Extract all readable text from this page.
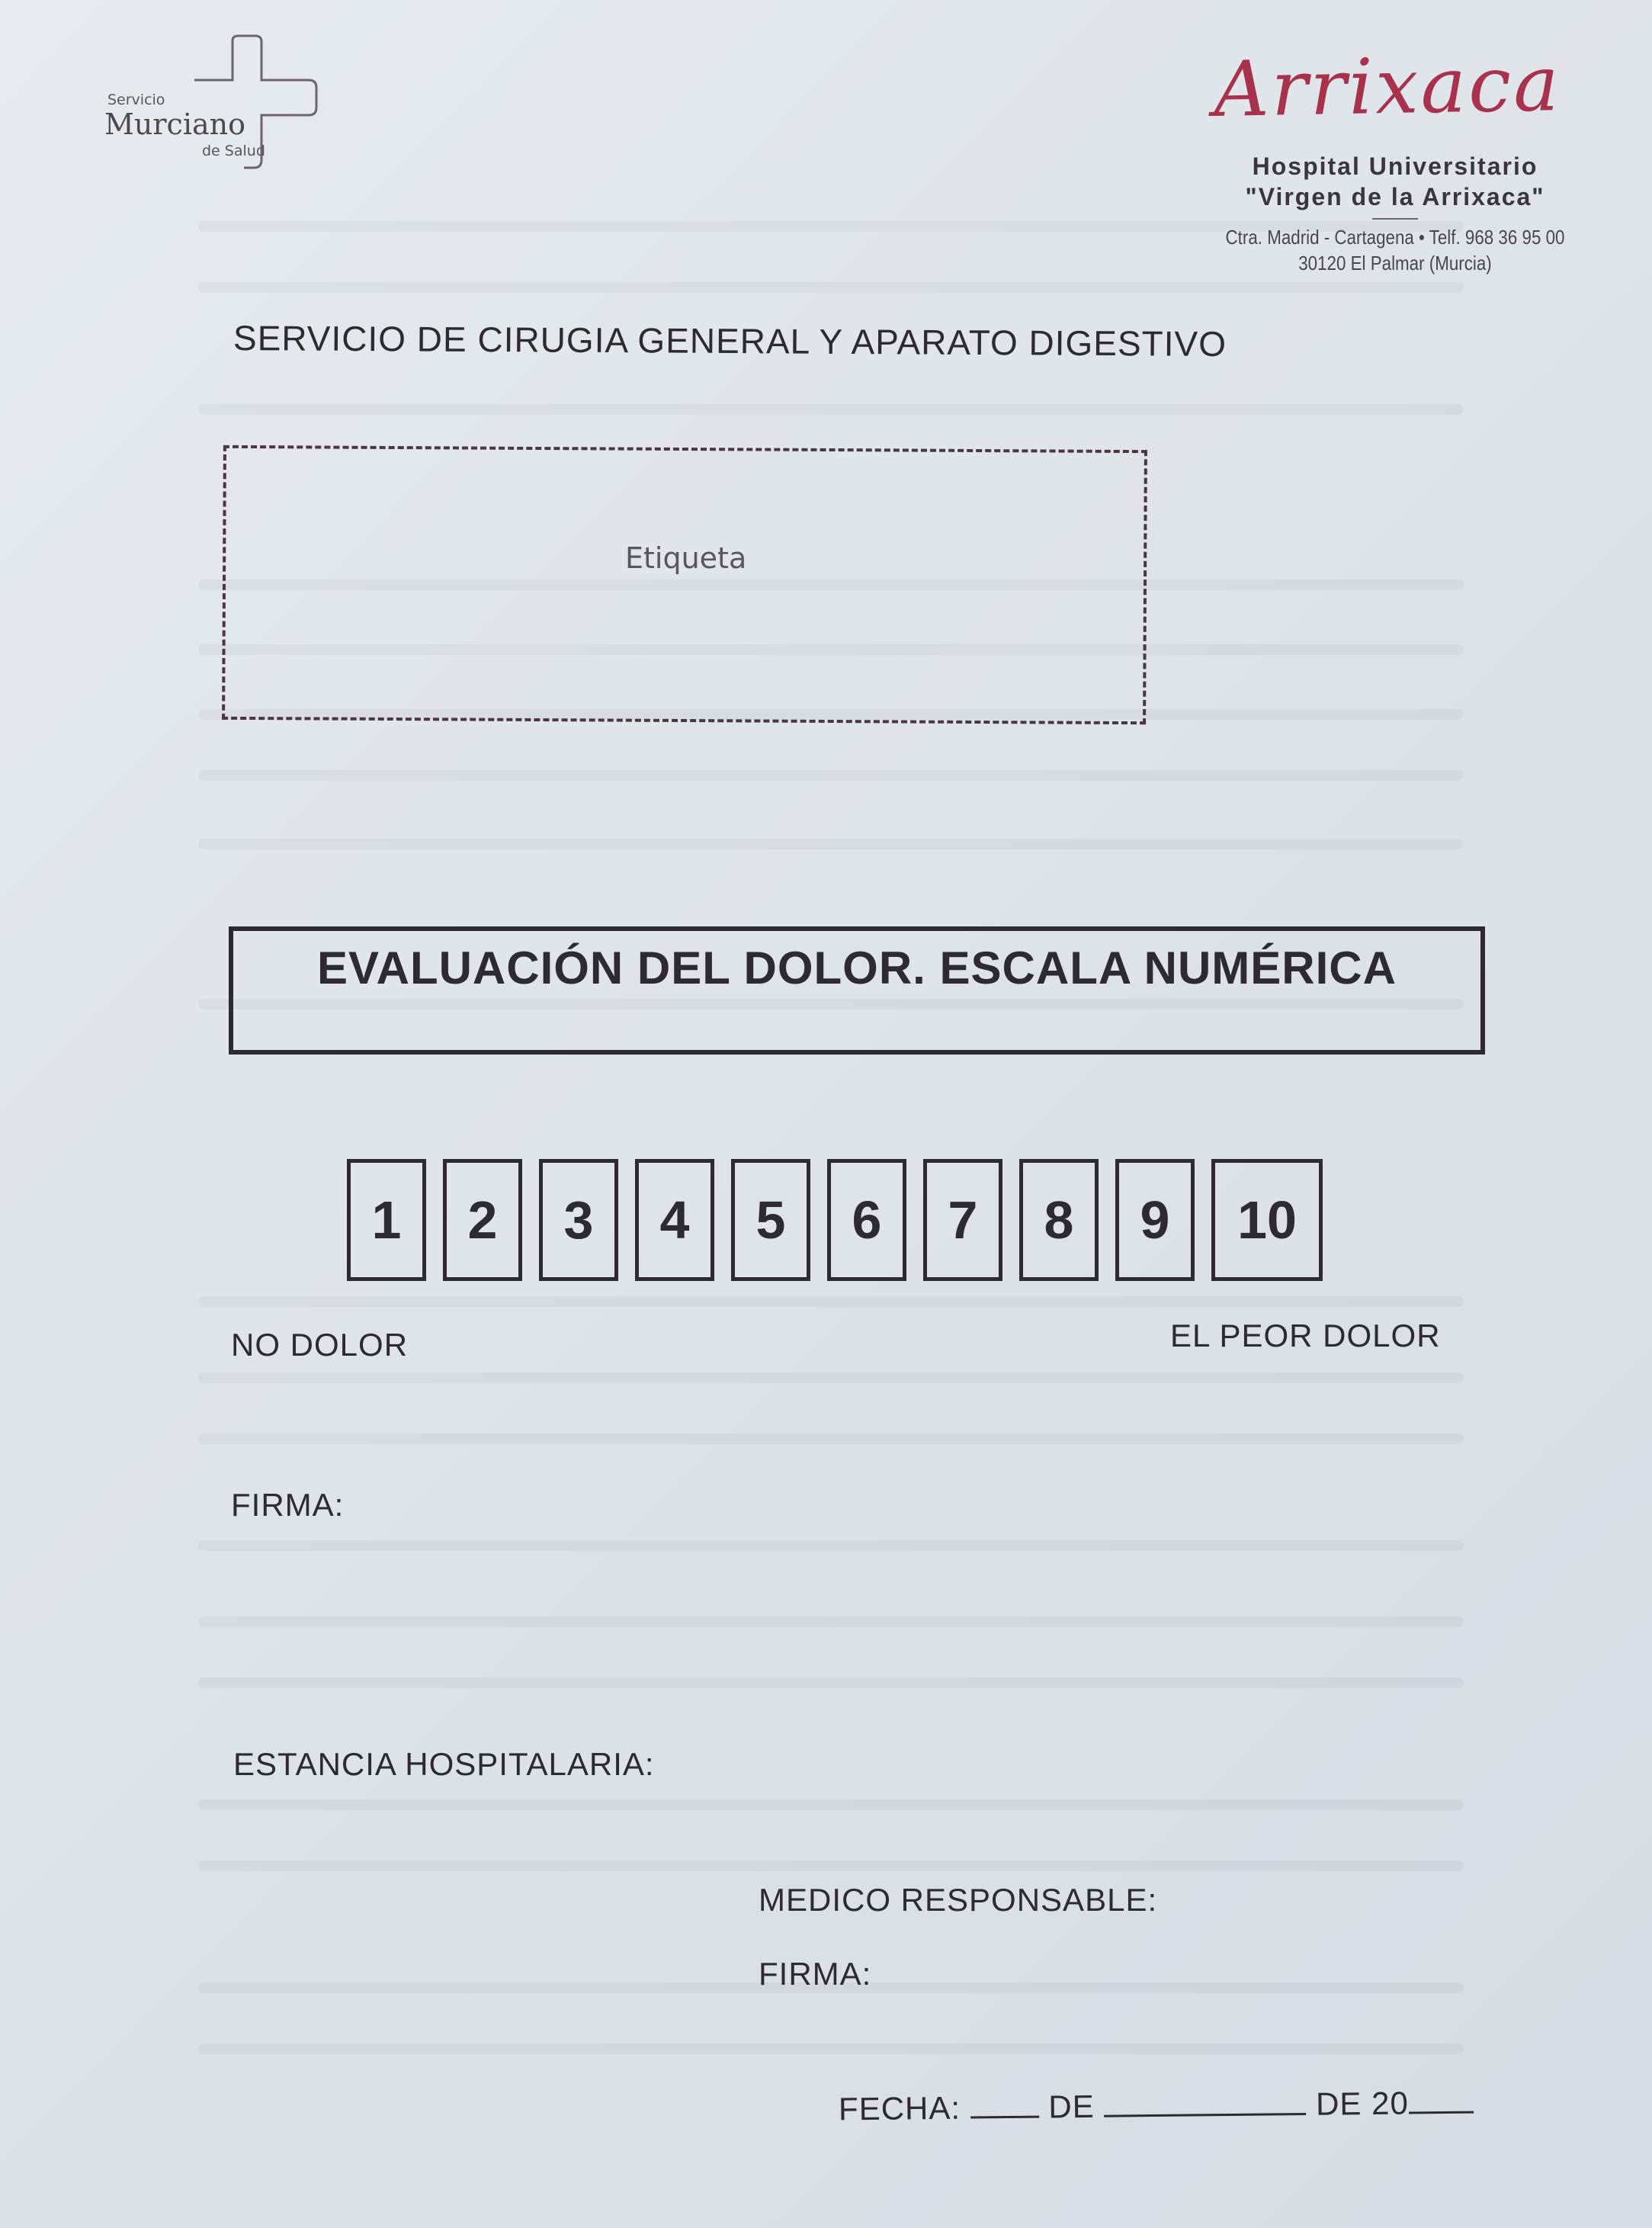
Servicio
Murciano
de Salud
Arrixaca
Hospital Universitario
"Virgen de la Arrixaca"
Ctra. Madrid - Cartagena • Telf. 968 36 95 00
30120 El Palmar (Murcia)
SERVICIO DE CIRUGIA GENERAL Y APARATO DIGESTIVO
Etiqueta
EVALUACIÓN DEL DOLOR. ESCALA NUMÉRICA
1	2	3	4	5	6	7	8	9	10
NO DOLOR	EL PEOR DOLOR
FIRMA:
ESTANCIA HOSPITALARIA:
MEDICO RESPONSABLE:
FIRMA:
FECHA:	DE	DE 20
